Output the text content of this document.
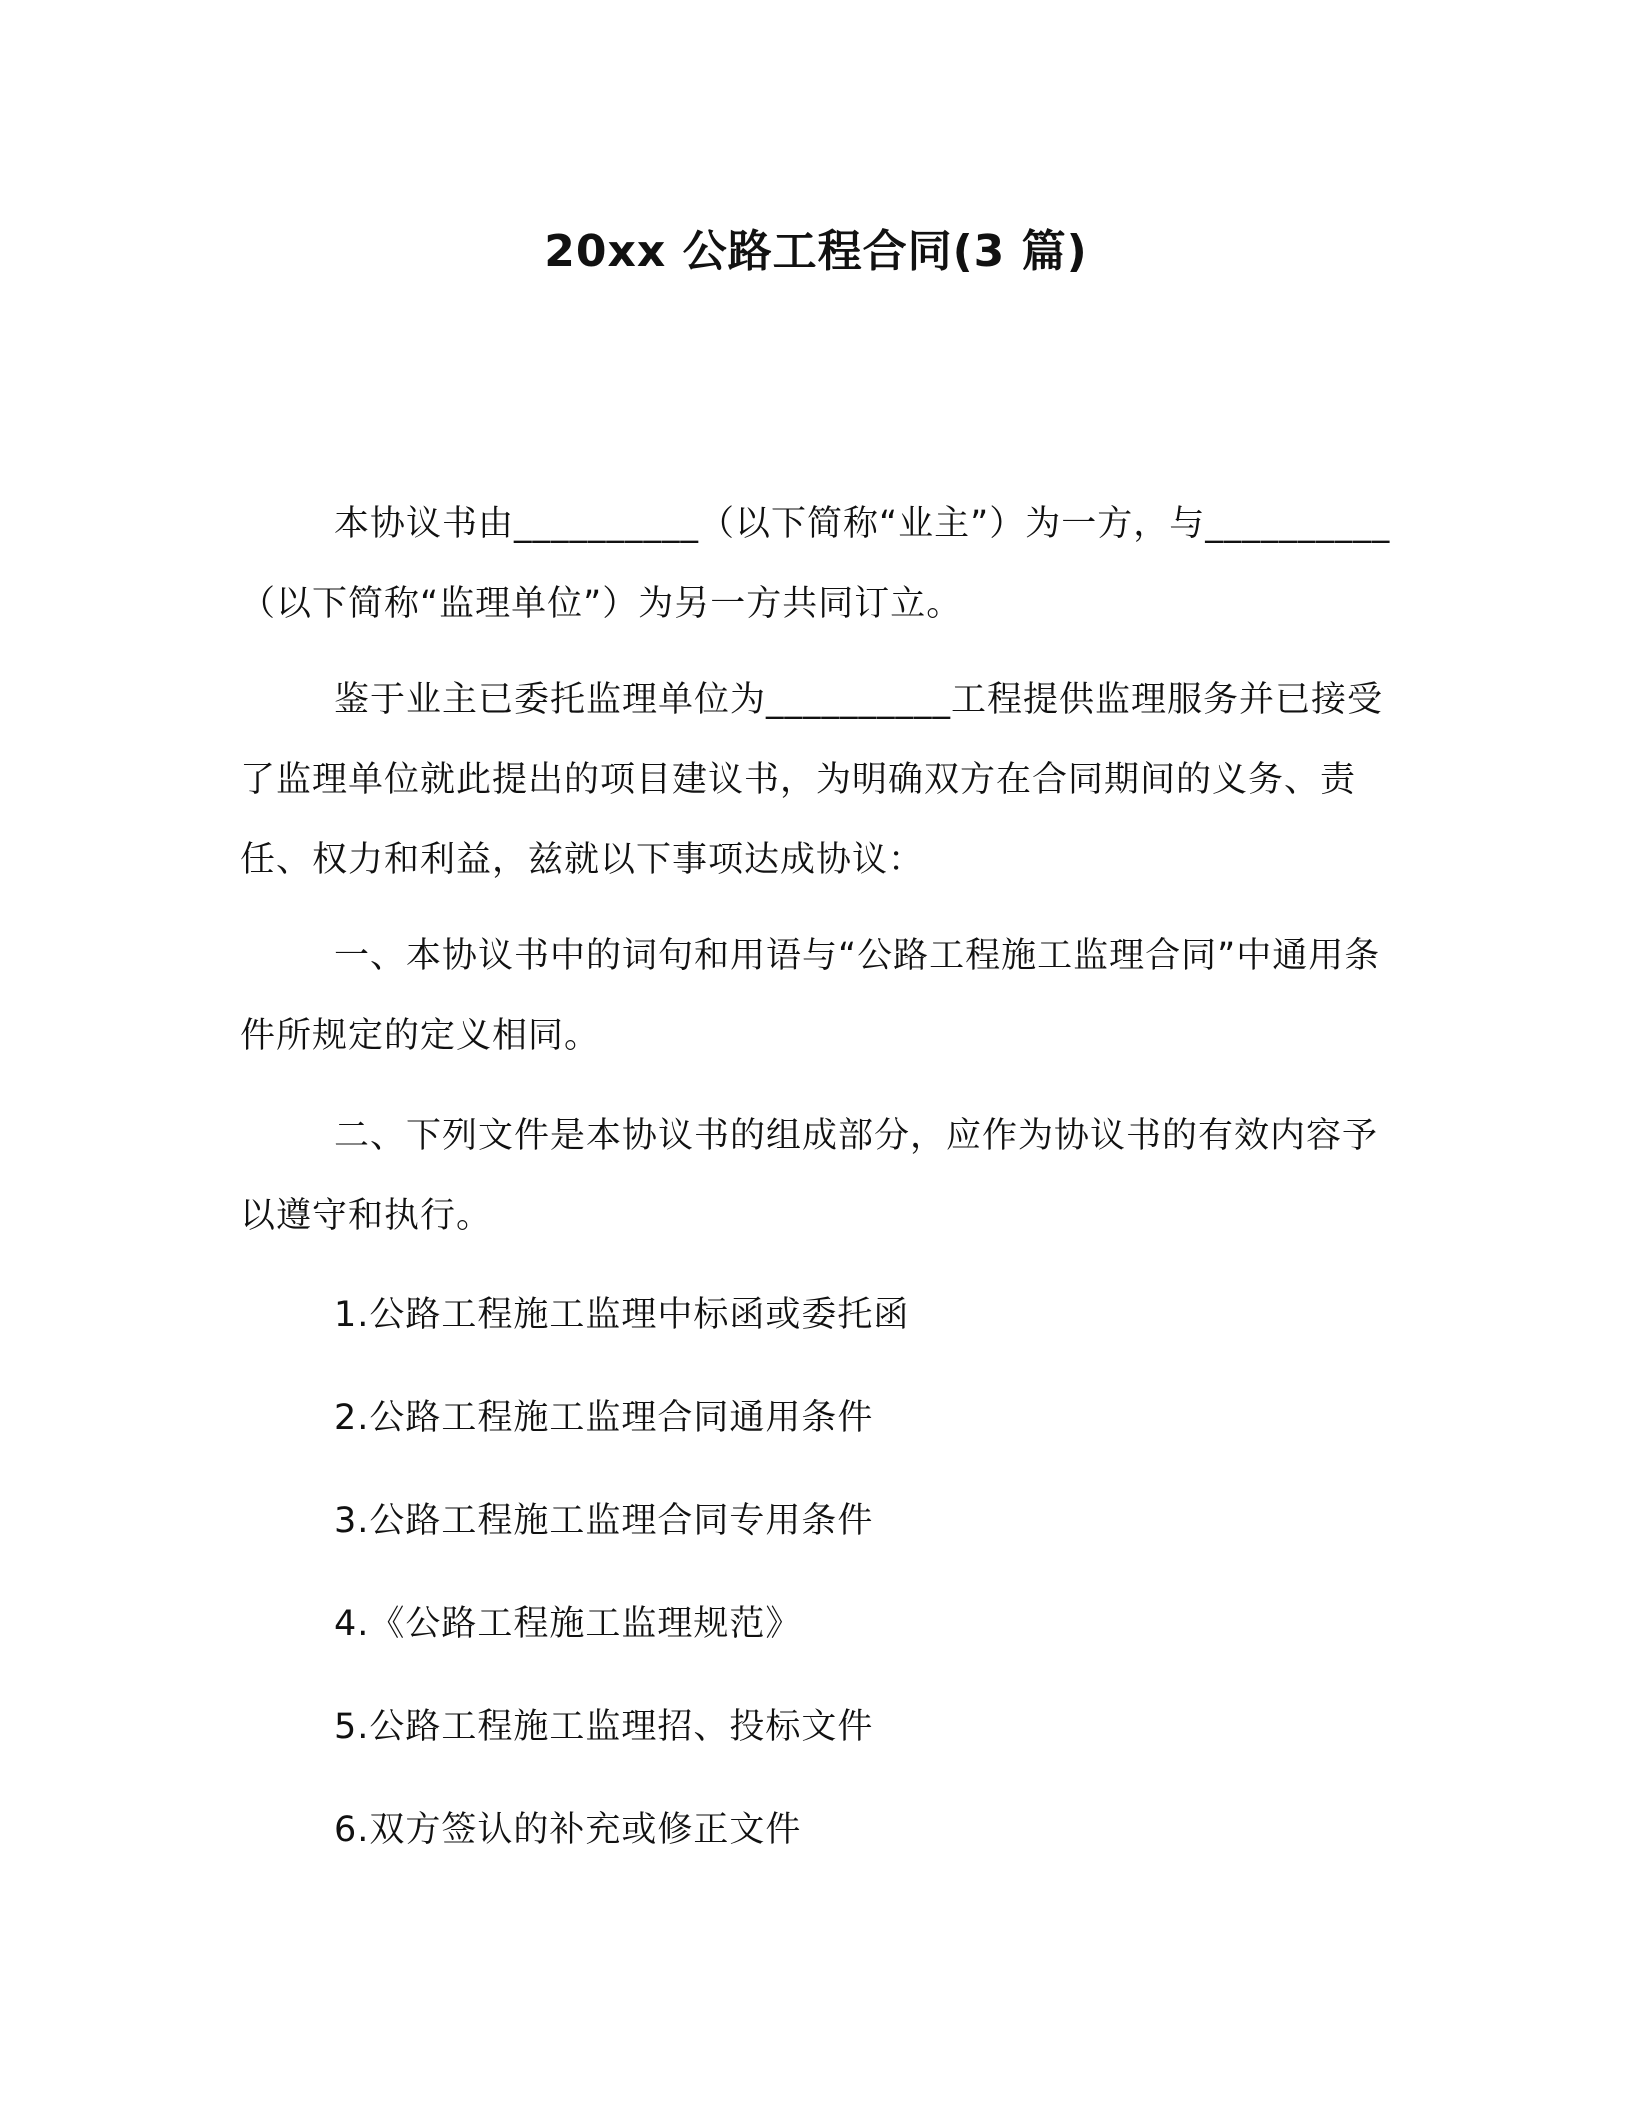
20xx 公路工程合同(3 篇)

本协议书由__________（以下简称“业主”）为一方，与__________（以下简称“监理单位”）为另一方共同订立。

鉴于业主已委托监理单位为__________工程提供监理服务并已接受了监理单位就此提出的项目建议书，为明确双方在合同期间的义务、责任、权力和利益，兹就以下事项达成协议：

一、本协议书中的词句和用语与“公路工程施工监理合同”中通用条件所规定的定义相同。

二、下列文件是本协议书的组成部分，应作为协议书的有效内容予以遵守和执行。

1.公路工程施工监理中标函或委托函

2.公路工程施工监理合同通用条件

3.公路工程施工监理合同专用条件

4.《公路工程施工监理规范》

5.公路工程施工监理招、投标文件

6.双方签认的补充或修正文件
